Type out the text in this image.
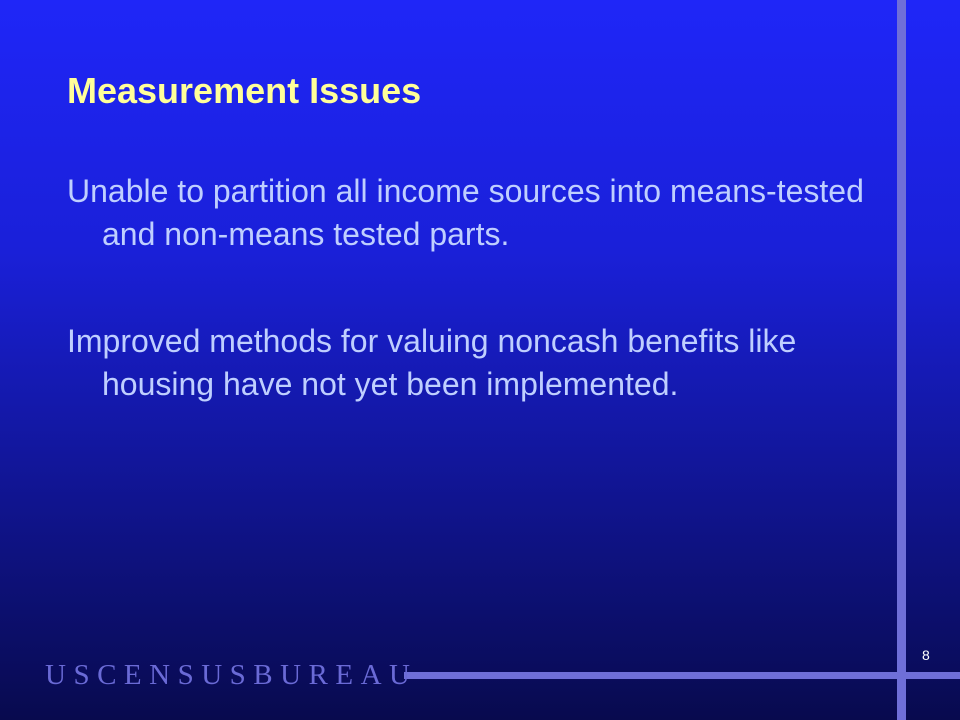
Measurement Issues

Unable to partition all income sources into means-tested and non-means tested parts.

Improved methods for valuing noncash benefits like housing have not yet been implemented.

USCENSUSBUREAU
8
